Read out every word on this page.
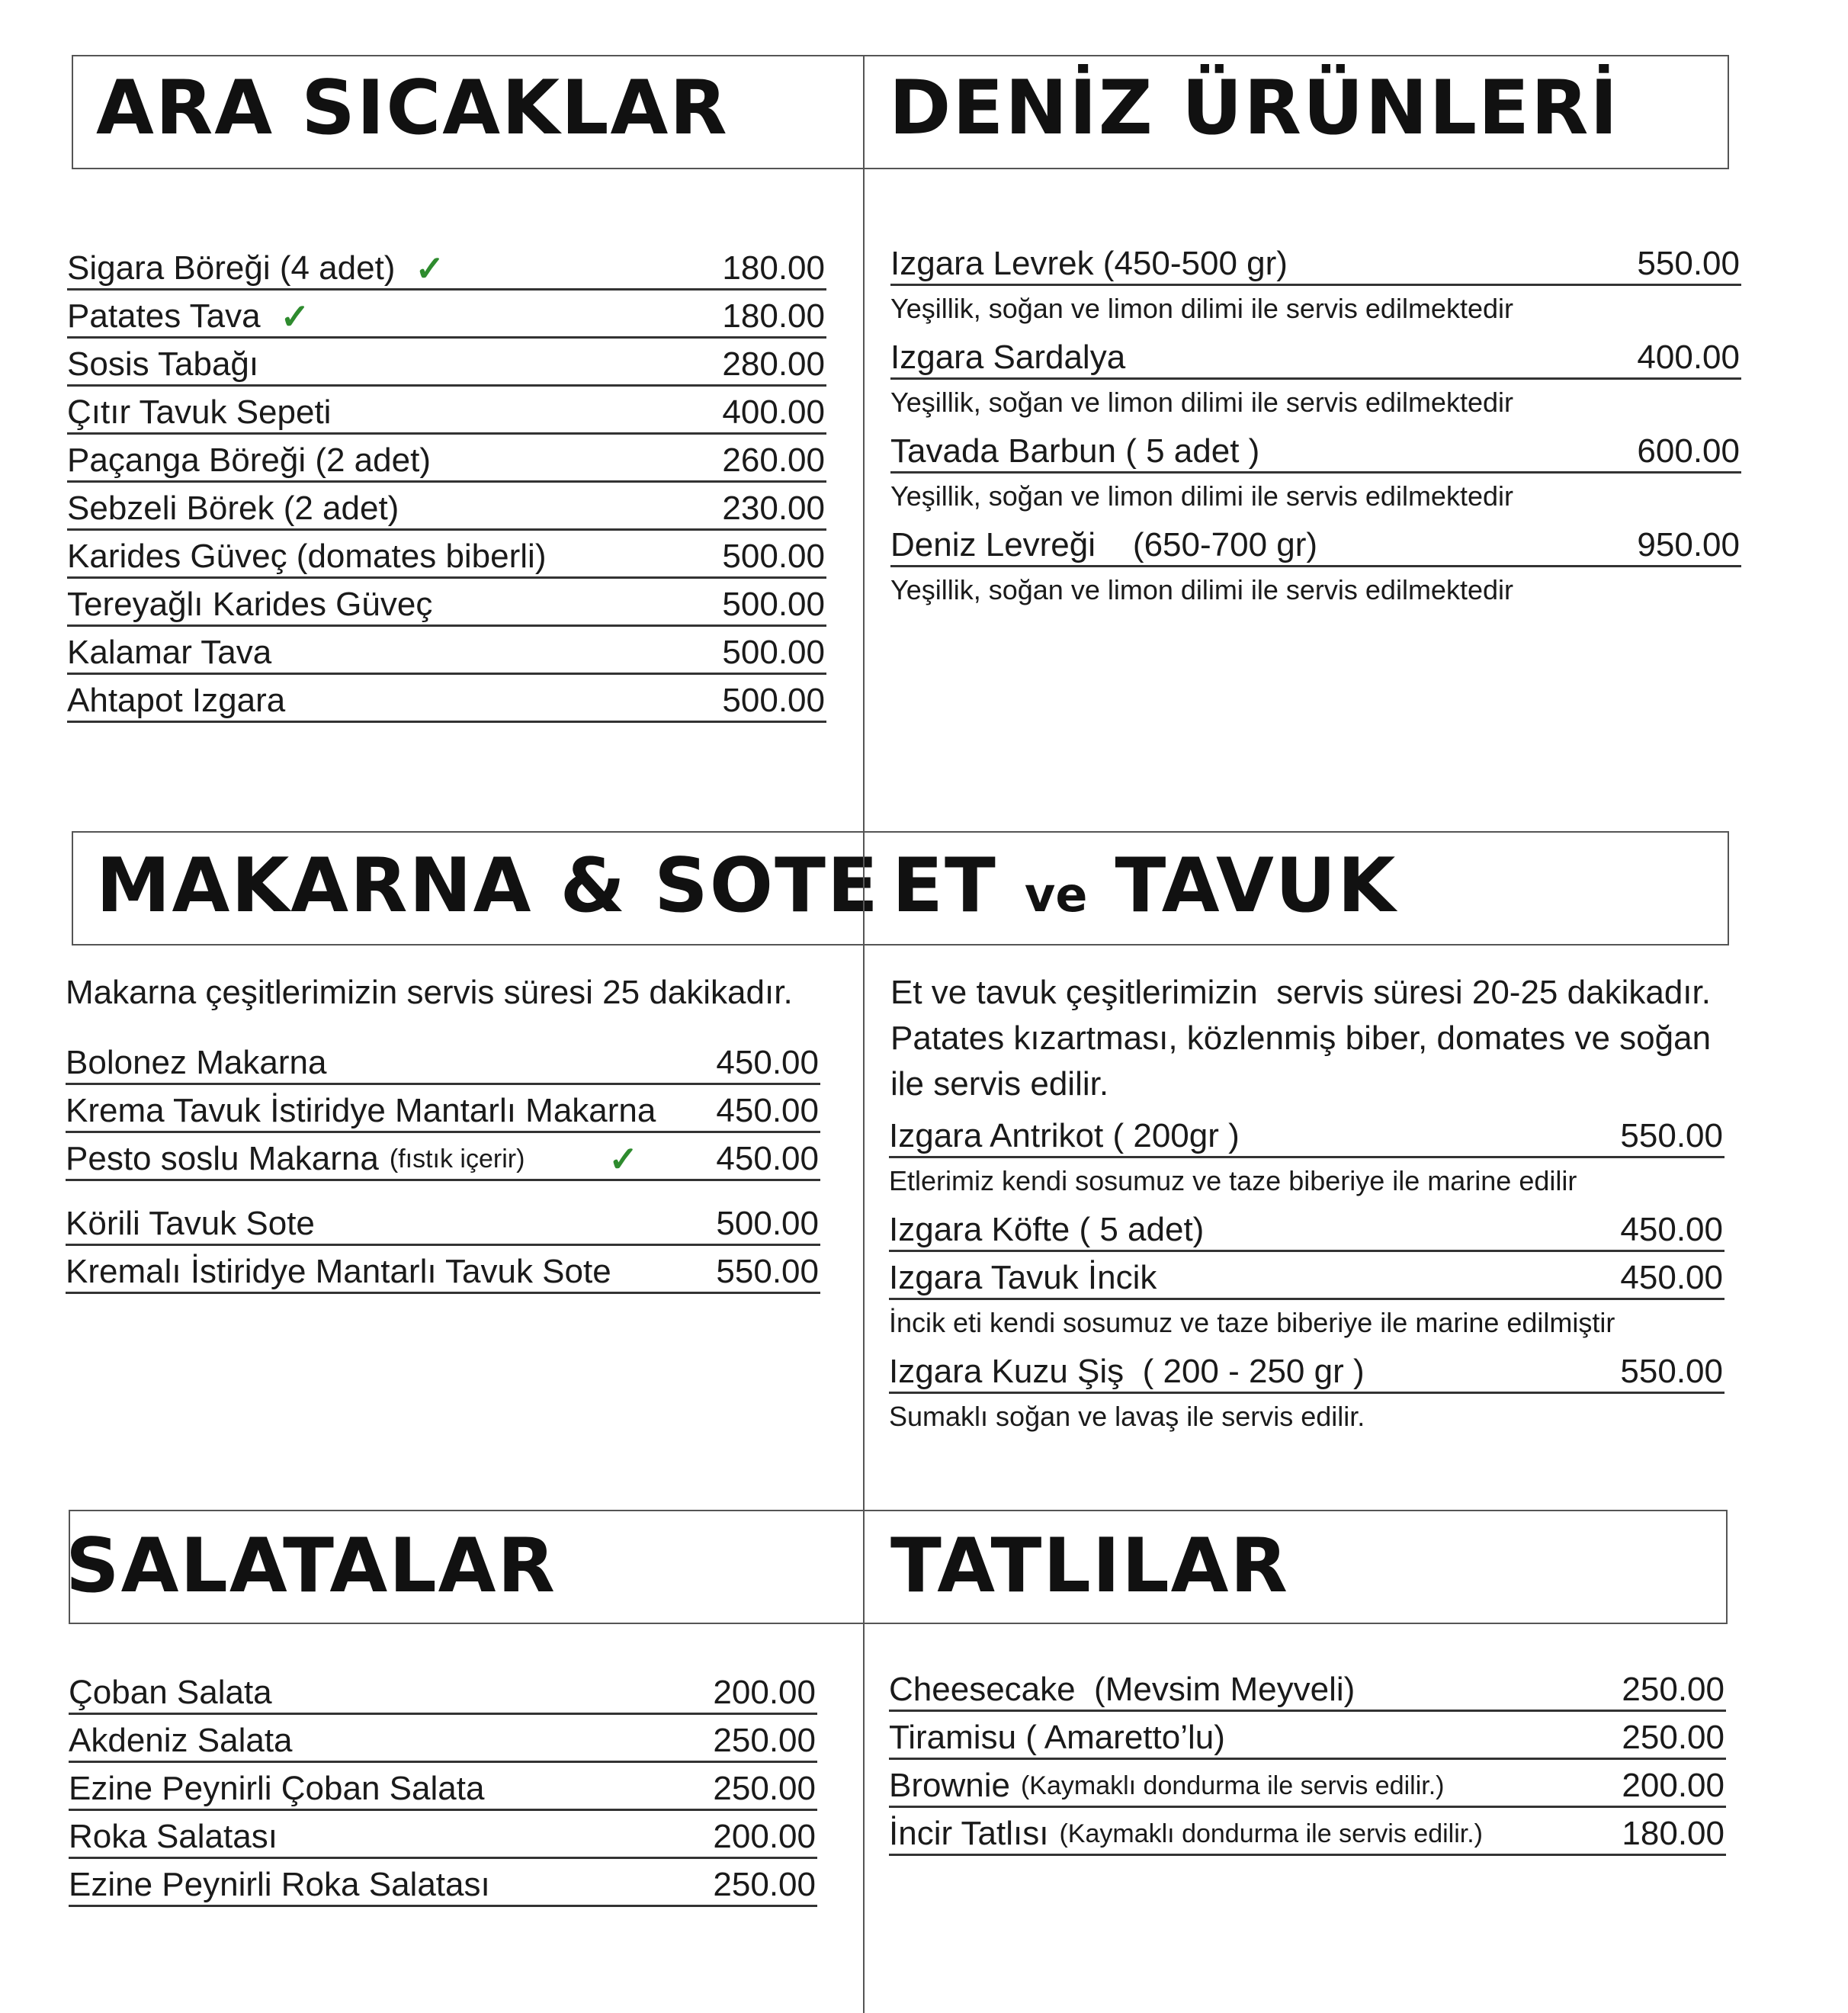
ARA SICAKLAR
Sigara Böreği (4 adet) ✓	180.00
Patates Tava ✓	180.00
Sosis Tabağı	280.00
Çıtır Tavuk Sepeti	400.00
Paçanga Böreği (2 adet)	260.00
Sebzeli Börek (2 adet)	230.00
Karides Güveç (domates biberli)	500.00
Tereyağlı Karides Güveç	500.00
Kalamar Tava	500.00
Ahtapot Izgara	500.00
DENİZ ÜRÜNLERİ
Izgara Levrek (450-500 gr)	550.00
Yeşillik, soğan ve limon dilimi ile servis edilmektedir
Izgara Sardalya	400.00
Yeşillik, soğan ve limon dilimi ile servis edilmektedir
Tavada Barbun ( 5 adet )	600.00
Yeşillik, soğan ve limon dilimi ile servis edilmektedir
Deniz Levreği    (650-700 gr)	950.00
Yeşillik, soğan ve limon dilimi ile servis edilmektedir
MAKARNA & SOTE
Makarna çeşitlerimizin servis süresi 25 dakikadır.
Bolonez Makarna	450.00
Krema Tavuk İstiridye Mantarlı Makarna 450.00
Pesto soslu Makarna (fıstık içerir) ✓ 450.00
Körili Tavuk Sote	500.00
Kremalı İstiridye Mantarlı Tavuk Sote	550.00
ET ve TAVUK
Et ve tavuk çeşitlerimizin  servis süresi 20-25 dakikadır.
Patates kızartması, közlenmiş biber, domates ve soğan
ile servis edilir.
Izgara Antrikot ( 200gr )	550.00
Etlerimiz kendi sosumuz ve taze biberiye ile marine edilir
Izgara Köfte ( 5 adet)	450.00
Izgara Tavuk İncik	450.00
İncik eti kendi sosumuz ve taze biberiye ile marine edilmiştir
Izgara Kuzu Şiş  ( 200 - 250 gr )	550.00
Sumaklı soğan ve lavaş ile servis edilir.
SALATALAR
Çoban Salata	200.00
Akdeniz Salata	250.00
Ezine Peynirli Çoban Salata	250.00
Roka Salatası	200.00
Ezine Peynirli Roka Salatası	250.00
TATLILAR
Cheesecake  (Mevsim Meyveli)	250.00
Tiramisu ( Amaretto’lu)	250.00
Brownie (Kaymaklı dondurma ile servis edilir.)	200.00
İncir Tatlısı (Kaymaklı dondurma ile servis edilir.)	180.00
